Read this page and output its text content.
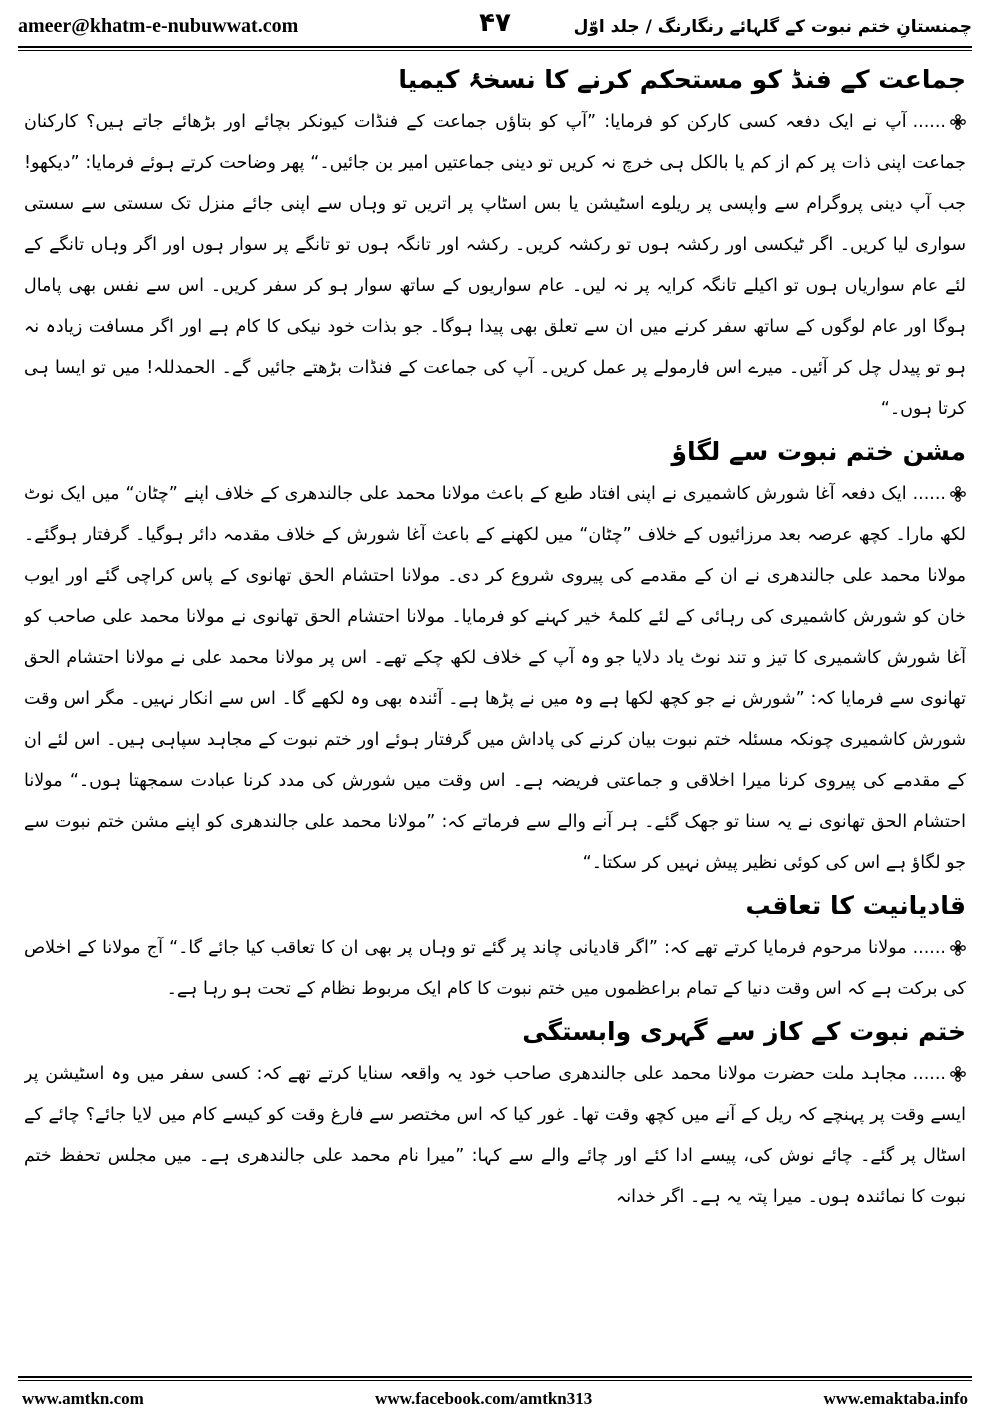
ameer@khatm-e-nubuwwat.com	۴۷	چمنستانِ ختم نبوت کے گلہائے رنگارنگ / جلد اوّل
جماعت کے فنڈ کو مستحکم کرنے کا نسخۂ کیمیا

......آپ نے ایک دفعہ کسی کارکن کو فرمایا: ”آپ کو بتاؤں جماعت کے فنڈات کیونکر بچائے اور بڑھائے جاتے ہیں؟ کارکنان جماعت اپنی ذات پر کم از کم یا بالکل ہی خرچ نہ کریں تو دینی جماعتیں امیر بن جائیں۔“ پھر وضاحت کرتے ہوئے فرمایا: ”دیکھو! جب آپ دینی پروگرام سے واپسی پر ریلوے اسٹیشن یا بس اسٹاپ پر اتریں تو وہاں سے اپنی جائے منزل تک سستی سے سستی سواری لیا کریں۔ اگر ٹیکسی اور رکشہ ہوں تو رکشہ کریں۔ رکشہ اور تانگہ ہوں تو تانگے پر سوار ہوں اور اگر وہاں تانگے کے لئے عام سواریاں ہوں تو اکیلے تانگہ کرایہ پر نہ لیں۔ عام سواریوں کے ساتھ سوار ہو کر سفر کریں۔ اس سے نفس بھی پامال ہوگا اور عام لوگوں کے ساتھ سفر کرنے میں ان سے تعلق بھی پیدا ہوگا۔ جو بذات خود نیکی کا کام ہے اور اگر مسافت زیادہ نہ ہو تو پیدل چل کر آئیں۔ میرے اس فارمولے پر عمل کریں۔ آپ کی جماعت کے فنڈات بڑھتے جائیں گے۔ الحمدللہ! میں تو ایسا ہی کرتا ہوں۔“

مشن ختم نبوت سے لگاؤ

......ایک دفعہ آغا شورش کاشمیری نے اپنی افتاد طبع کے باعث مولانا محمد علی جالندھری کے خلاف اپنے ”چٹان“ میں ایک نوٹ لکھ مارا۔ کچھ عرصہ بعد مرزائیوں کے خلاف ”چٹان“ میں لکھنے کے باعث آغا شورش کے خلاف مقدمہ دائر ہوگیا۔ گرفتار ہوگئے۔ مولانا محمد علی جالندھری نے ان کے مقدمے کی پیروی شروع کر دی۔ مولانا احتشام الحق تھانوی کے پاس کراچی گئے اور ایوب خان کو شورش کاشمیری کی رہائی کے لئے کلمۂ خیر کہنے کو فرمایا۔ مولانا احتشام الحق تھانوی نے مولانا محمد علی صاحب کو آغا شورش کاشمیری کا تیز و تند نوٹ یاد دلایا جو وہ آپ کے خلاف لکھ چکے تھے۔ اس پر مولانا محمد علی نے مولانا احتشام الحق تھانوی سے فرمایا کہ: ”شورش نے جو کچھ لکھا ہے وہ میں نے پڑھا ہے۔ آئندہ بھی وہ لکھے گا۔ اس سے انکار نہیں۔ مگر اس وقت شورش کاشمیری چونکہ مسئلہ ختم نبوت بیان کرنے کی پاداش میں گرفتار ہوئے اور ختم نبوت کے مجاہد سپاہی ہیں۔ اس لئے ان کے مقدمے کی پیروی کرنا میرا اخلاقی و جماعتی فریضہ ہے۔ اس وقت میں شورش کی مدد کرنا عبادت سمجھتا ہوں۔“ مولانا احتشام الحق تھانوی نے یہ سنا تو جھک گئے۔ ہر آنے والے سے فرماتے کہ: ”مولانا محمد علی جالندھری کو اپنے مشن ختم نبوت سے جو لگاؤ ہے اس کی کوئی نظیر پیش نہیں کر سکتا۔“

قادیانیت کا تعاقب

......مولانا مرحوم فرمایا کرتے تھے کہ: ”اگر قادیانی چاند پر گئے تو وہاں پر بھی ان کا تعاقب کیا جائے گا۔“ آج مولانا کے اخلاص کی برکت ہے کہ اس وقت دنیا کے تمام براعظموں میں ختم نبوت کا کام ایک مربوط نظام کے تحت ہو رہا ہے۔

ختم نبوت کے کاز سے گہری وابستگی

......مجاہد ملت حضرت مولانا محمد علی جالندھری صاحب خود یہ واقعہ سنایا کرتے تھے کہ: کسی سفر میں وہ اسٹیشن پر ایسے وقت پر پہنچے کہ ریل کے آنے میں کچھ وقت تھا۔ غور کیا کہ اس مختصر سے فارغ وقت کو کیسے کام میں لایا جائے؟ چائے کے اسٹال پر گئے۔ چائے نوش کی، پیسے ادا کئے اور چائے والے سے کہا: ”میرا نام محمد علی جالندھری ہے۔ میں مجلس تحفظ ختم نبوت کا نمائندہ ہوں۔ میرا پتہ یہ ہے۔ اگر خدانہ

www.amtkn.com	www.facebook.com/amtkn313	www.emaktaba.info
